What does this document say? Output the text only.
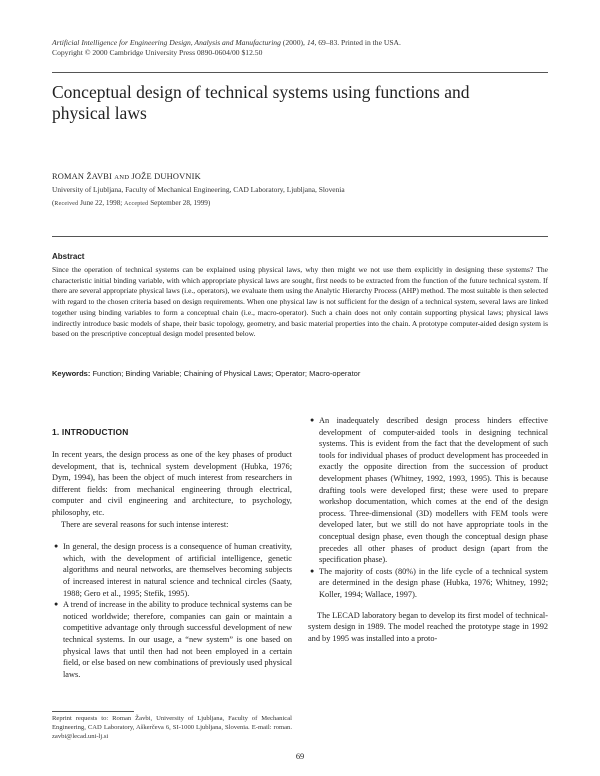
Artificial Intelligence for Engineering Design, Analysis and Manufacturing (2000), 14, 69–83. Printed in the USA.
Copyright © 2000 Cambridge University Press 0890-0604/00 $12.50
Conceptual design of technical systems using functions and physical laws
ROMAN ŽAVBI AND JOŽE DUHOVNIK
University of Ljubljana, Faculty of Mechanical Engineering, CAD Laboratory, Ljubljana, Slovenia
(Received June 22, 1998; Accepted September 28, 1999)
Abstract
Since the operation of technical systems can be explained using physical laws, why then might we not use them explicitly in designing these systems? The characteristic initial binding variable, with which appropriate physical laws are sought, first needs to be extracted from the function of the future technical system. If there are several appropriate physical laws (i.e., operators), we evaluate them using the Analytic Hierarchy Process (AHP) method. The most suitable is then selected with regard to the chosen criteria based on design requirements. When one physical law is not sufficient for the design of a technical system, several laws are linked together using binding variables to form a conceptual chain (i.e., macro-operator). Such a chain does not only contain supporting physical laws; physical laws indirectly introduce basic models of shape, their basic topology, geometry, and basic material properties into the chain. A prototype computer-aided design system is based on the prescriptive conceptual design model presented below.
Keywords: Function; Binding Variable; Chaining of Physical Laws; Operator; Macro-operator
1. INTRODUCTION

In recent years, the design process as one of the key phases of product development, that is, technical system development (Hubka, 1976; Dym, 1994), has been the object of much interest from researchers in different fields: from mechanical engineering through electrical, computer and civil engineering and architecture, to psychology, philosophy, etc.

There are several reasons for such intense interest:

● In general, the design process is a consequence of human creativity, which, with the development of artificial intelligence, genetic algorithms and neural networks, are themselves becoming subjects of increased interest in natural science and technical circles (Saaty, 1988; Gero et al., 1995; Stefik, 1995).
● A trend of increase in the ability to produce technical systems can be noticed worldwide; therefore, companies can gain or maintain a competitive advantage only through successful development of new technical systems. In our usage, a “new system” is one based on physical laws that until then had not been employed in a certain field, or else based on new combinations of previously used physical laws.
● An inadequately described design process hinders effective development of computer-aided tools in designing technical systems. This is evident from the fact that the development of such tools for individual phases of product development has proceeded in exactly the opposite direction from the succession of product development phases (Whitney, 1992, 1993, 1995). This is because drafting tools were developed first; these were used to prepare workshop documentation, which comes at the end of the design process. Three-dimensional (3D) modellers with FEM tools were developed later, but we still do not have appropriate tools in the conceptual design phase, even though the conceptual design phase precedes all other phases of product design (apart from the specification phase).
● The majority of costs (80%) in the life cycle of a technical system are determined in the design phase (Hubka, 1976; Whitney, 1992; Koller, 1994; Wallace, 1997).

The LECAD laboratory began to develop its first model of technical-system design in 1989. The model reached the prototype stage in 1992 and by 1995 was installed into a proto-

Reprint requests to: Roman Žavbi, University of Ljubljana, Faculty of Mechanical Engineering, CAD Laboratory, Aškerčeva 6, SI-1000 Ljubljana, Slovenia. E-mail: roman. zavbi@lecad.uni-lj.si
69
